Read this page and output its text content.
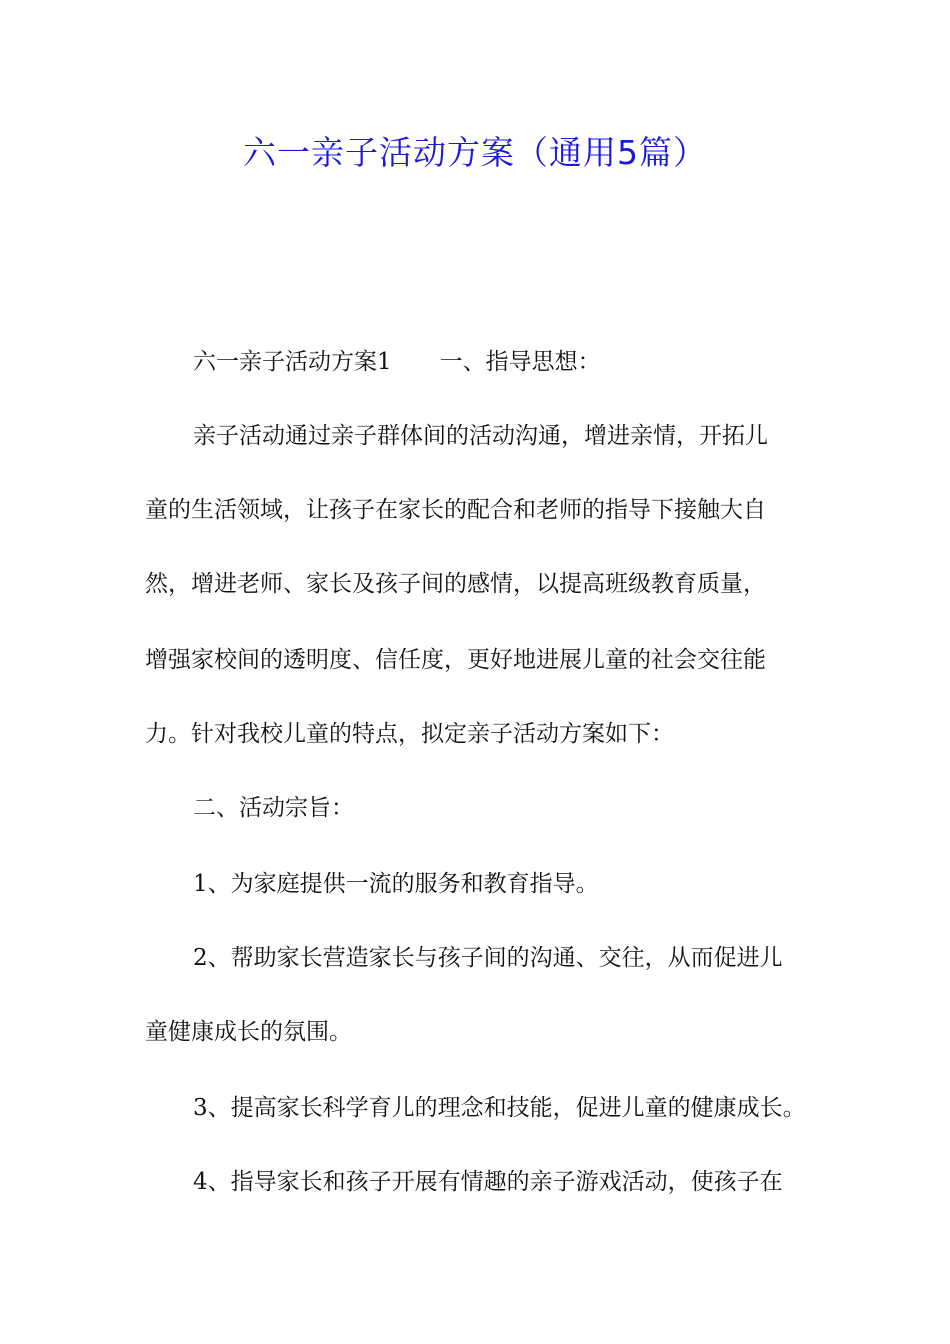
六一亲子活动方案（通用5篇）
六一亲子活动方案1 一、指导思想：
亲子活动通过亲子群体间的活动沟通，增进亲情，开拓儿
童的生活领域，让孩子在家长的配合和老师的指导下接触大自
然，增进老师、家长及孩子间的感情，以提高班级教育质量，
增强家校间的透明度、信任度，更好地进展儿童的社会交往能
力。针对我校儿童的特点，拟定亲子活动方案如下：
二、活动宗旨：
1、为家庭提供一流的服务和教育指导。
2、帮助家长营造家长与孩子间的沟通、交往，从而促进儿
童健康成长的氛围。
3、提高家长科学育儿的理念和技能，促进儿童的健康成长。
4、指导家长和孩子开展有情趣的亲子游戏活动，使孩子在
